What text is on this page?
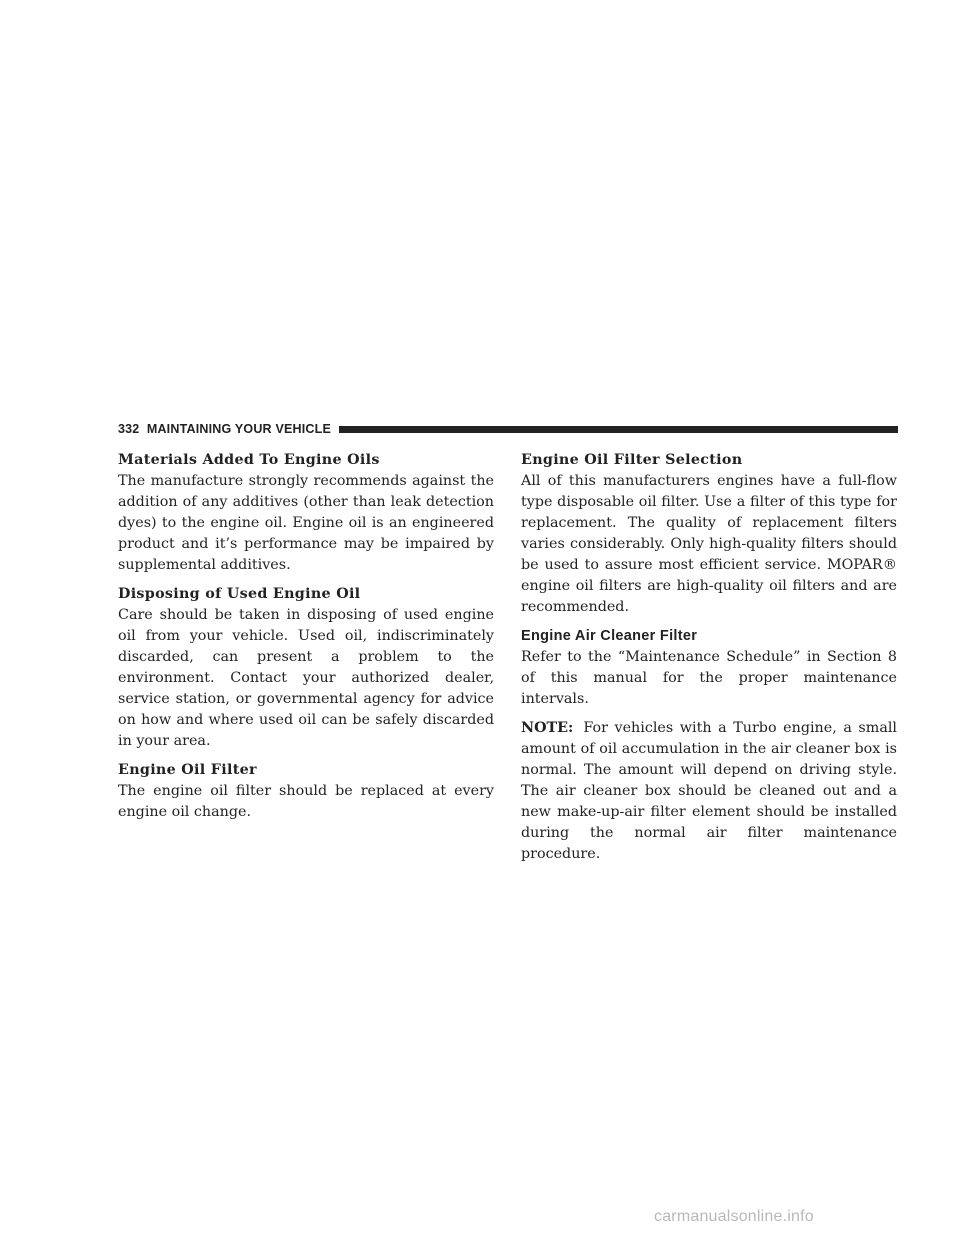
332 MAINTAINING YOUR VEHICLE
Materials Added To Engine Oils

The manufacture strongly recommends against the addition of any additives (other than leak detection dyes) to the engine oil. Engine oil is an engineered product and it’s performance may be impaired by supplemental additives.

Disposing of Used Engine Oil

Care should be taken in disposing of used engine oil from your vehicle. Used oil, indiscriminately discarded, can present a problem to the environment. Contact your authorized dealer, service station, or governmental agency for advice on how and where used oil can be safely discarded in your area.

Engine Oil Filter

The engine oil filter should be replaced at every engine oil change.

Engine Oil Filter Selection

All of this manufacturers engines have a full-flow type disposable oil filter. Use a filter of this type for replacement. The quality of replacement filters varies considerably. Only high-quality filters should be used to assure most efficient service. MOPAR® engine oil filters are high-quality oil filters and are recommended.

Engine Air Cleaner Filter

Refer to the “Maintenance Schedule” in Section 8 of this manual for the proper maintenance intervals.

NOTE: For vehicles with a Turbo engine, a small amount of oil accumulation in the air cleaner box is normal. The amount will depend on driving style. The air cleaner box should be cleaned out and a new make-up-air filter element should be installed during the normal air filter maintenance procedure.

carmanualsonline.info
